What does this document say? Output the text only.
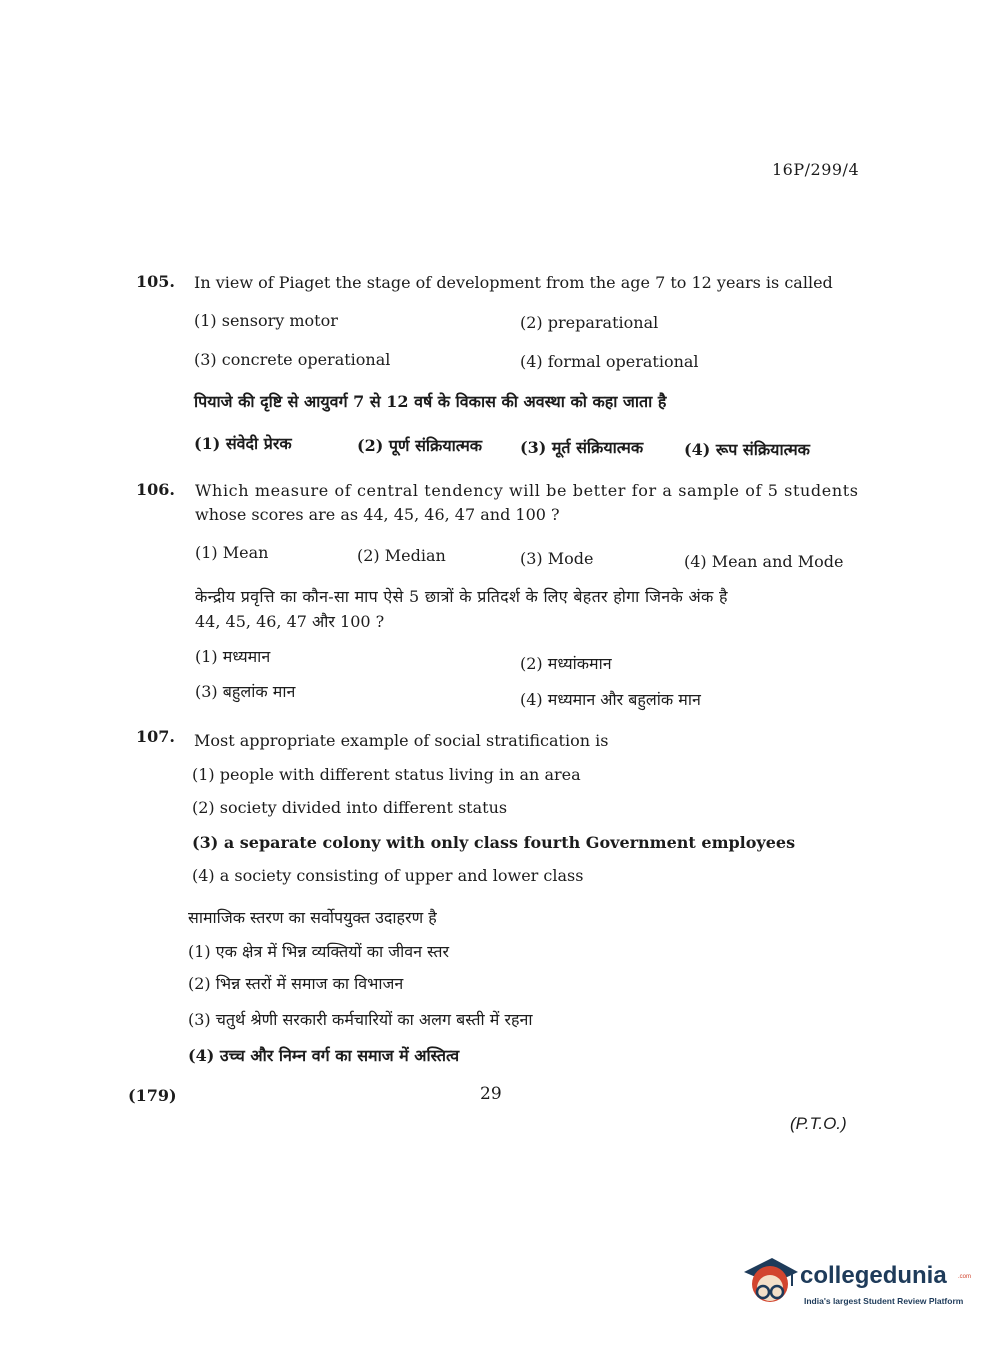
16P/299/4
105. In view of Piaget the stage of development from the age 7 to 12 years is called
(1) sensory motor	(2) preparational
(3) concrete operational	(4) formal operational
पियाजे की दृष्टि से आयुवर्ग 7 से 12 वर्ष के विकास की अवस्था को कहा जाता है
(1) संवेदी प्रेरक	(2) पूर्ण संक्रियात्मक (3) मूर्त संक्रियात्मक	(4) रूप संक्रियात्मक
106. Which measure of central tendency will be better for a sample of 5 students
whose scores are as 44, 45, 46, 47 and 100 ?
(1) Mean	(2) Median	(3) Mode	(4) Mean and Mode
केन्द्रीय प्रवृत्ति का कौन-सा माप ऐसे 5 छात्रों के प्रतिदर्श के लिए बेहतर होगा जिनके अंक है
44, 45, 46, 47 और 100 ?
(1) मध्यमान	(2) मध्यांकमान
(3) बहुलांक मान	(4) मध्यमान और बहुलांक मान
107. Most appropriate example of social stratification is
(1) people with different status living in an area
(2) society divided into different status
(3) a separate colony with only class fourth Government employees
(4) a society consisting of upper and lower class
सामाजिक स्तरण का सर्वोपयुक्त उदाहरण है
(1) एक क्षेत्र में भिन्न व्यक्तियों का जीवन स्तर
(2) भिन्न स्तरों में समाज का विभाजन
(3) चतुर्थ श्रेणी सरकारी कर्मचारियों का अलग बस्ती में रहना
(4) उच्च और निम्न वर्ग का समाज में अस्तित्व
(179)	29
(P.T.O.)
collegedunia .com
India's largest Student Review Platform
